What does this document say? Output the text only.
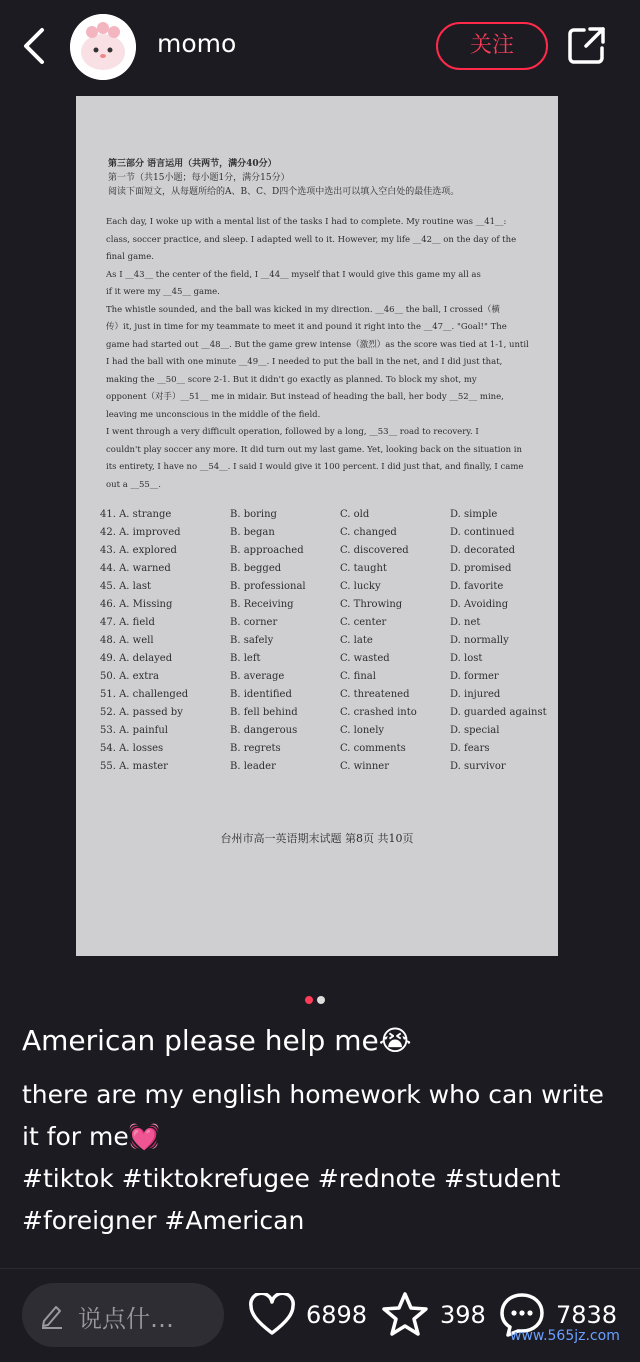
momo	关注
第三部分 语言运用（共两节，满分40分）
第一节（共15小题；每小题1分，满分15分）
阅读下面短文，从每题所给的A、B、C、D四个选项中选出可以填入空白处的最佳选项。
Each day, I woke up with a mental list of the tasks I had to complete. My routine was __41__:
class, soccer practice, and sleep. I adapted well to it. However, my life __42__ on the day of the
final game.
As I __43__ the center of the field, I __44__ myself that I would give this game my all as
if it were my __45__ game.
The whistle sounded, and the ball was kicked in my direction. __46__ the ball, I crossed（横
传）it, just in time for my teammate to meet it and pound it right into the __47__. "Goal!" The
game had started out __48__. But the game grew intense（激烈）as the score was tied at 1-1, until
I had the ball with one minute __49__. I needed to put the ball in the net, and I did just that,
making the __50__ score 2-1. But it didn't go exactly as planned. To block my shot, my
opponent（对手）__51__ me in midair. But instead of heading the ball, her body __52__ mine,
leaving me unconscious in the middle of the field.
I went through a very difficult operation, followed by a long, __53__ road to recovery. I
couldn't play soccer any more. It did turn out my last game. Yet, looking back on the situation in
its entirety, I have no __54__. I said I would give it 100 percent. I did just that, and finally, I came
out a __55__.
台州市高一英语期末试题 第8页 共10页
41. A. strange	B. boring	C. old	D. simple
42. A. improved	B. began	C. changed	D. continued
43. A. explored	B. approached	C. discovered	D. decorated
44. A. warned	B. begged	C. taught	D. promised
45. A. last	B. professional	C. lucky	D. favorite
46. A. Missing	B. Receiving	C. Throwing	D. Avoiding
47. A. field	B. corner	C. center	D. net
48. A. well	B. safely	C. late	D. normally
49. A. delayed	B. left	C. wasted	D. lost
50. A. extra	B. average	C. final	D. former
51. A. challenged	B. identified	C. threatened	D. injured
52. A. passed by	B. fell behind	C. crashed into	D. guarded against
53. A. painful	B. dangerous	C. lonely	D. special
54. A. losses	B. regrets	C. comments	D. fears
55. A. master	B. leader	C. winner	D. survivor
American please help me😭
there are my english homework who can write it for me💓
#tiktok #tiktokrefugee #rednote #student #foreigner #American
说点什…	6898	398	7838
www.565jz.com
